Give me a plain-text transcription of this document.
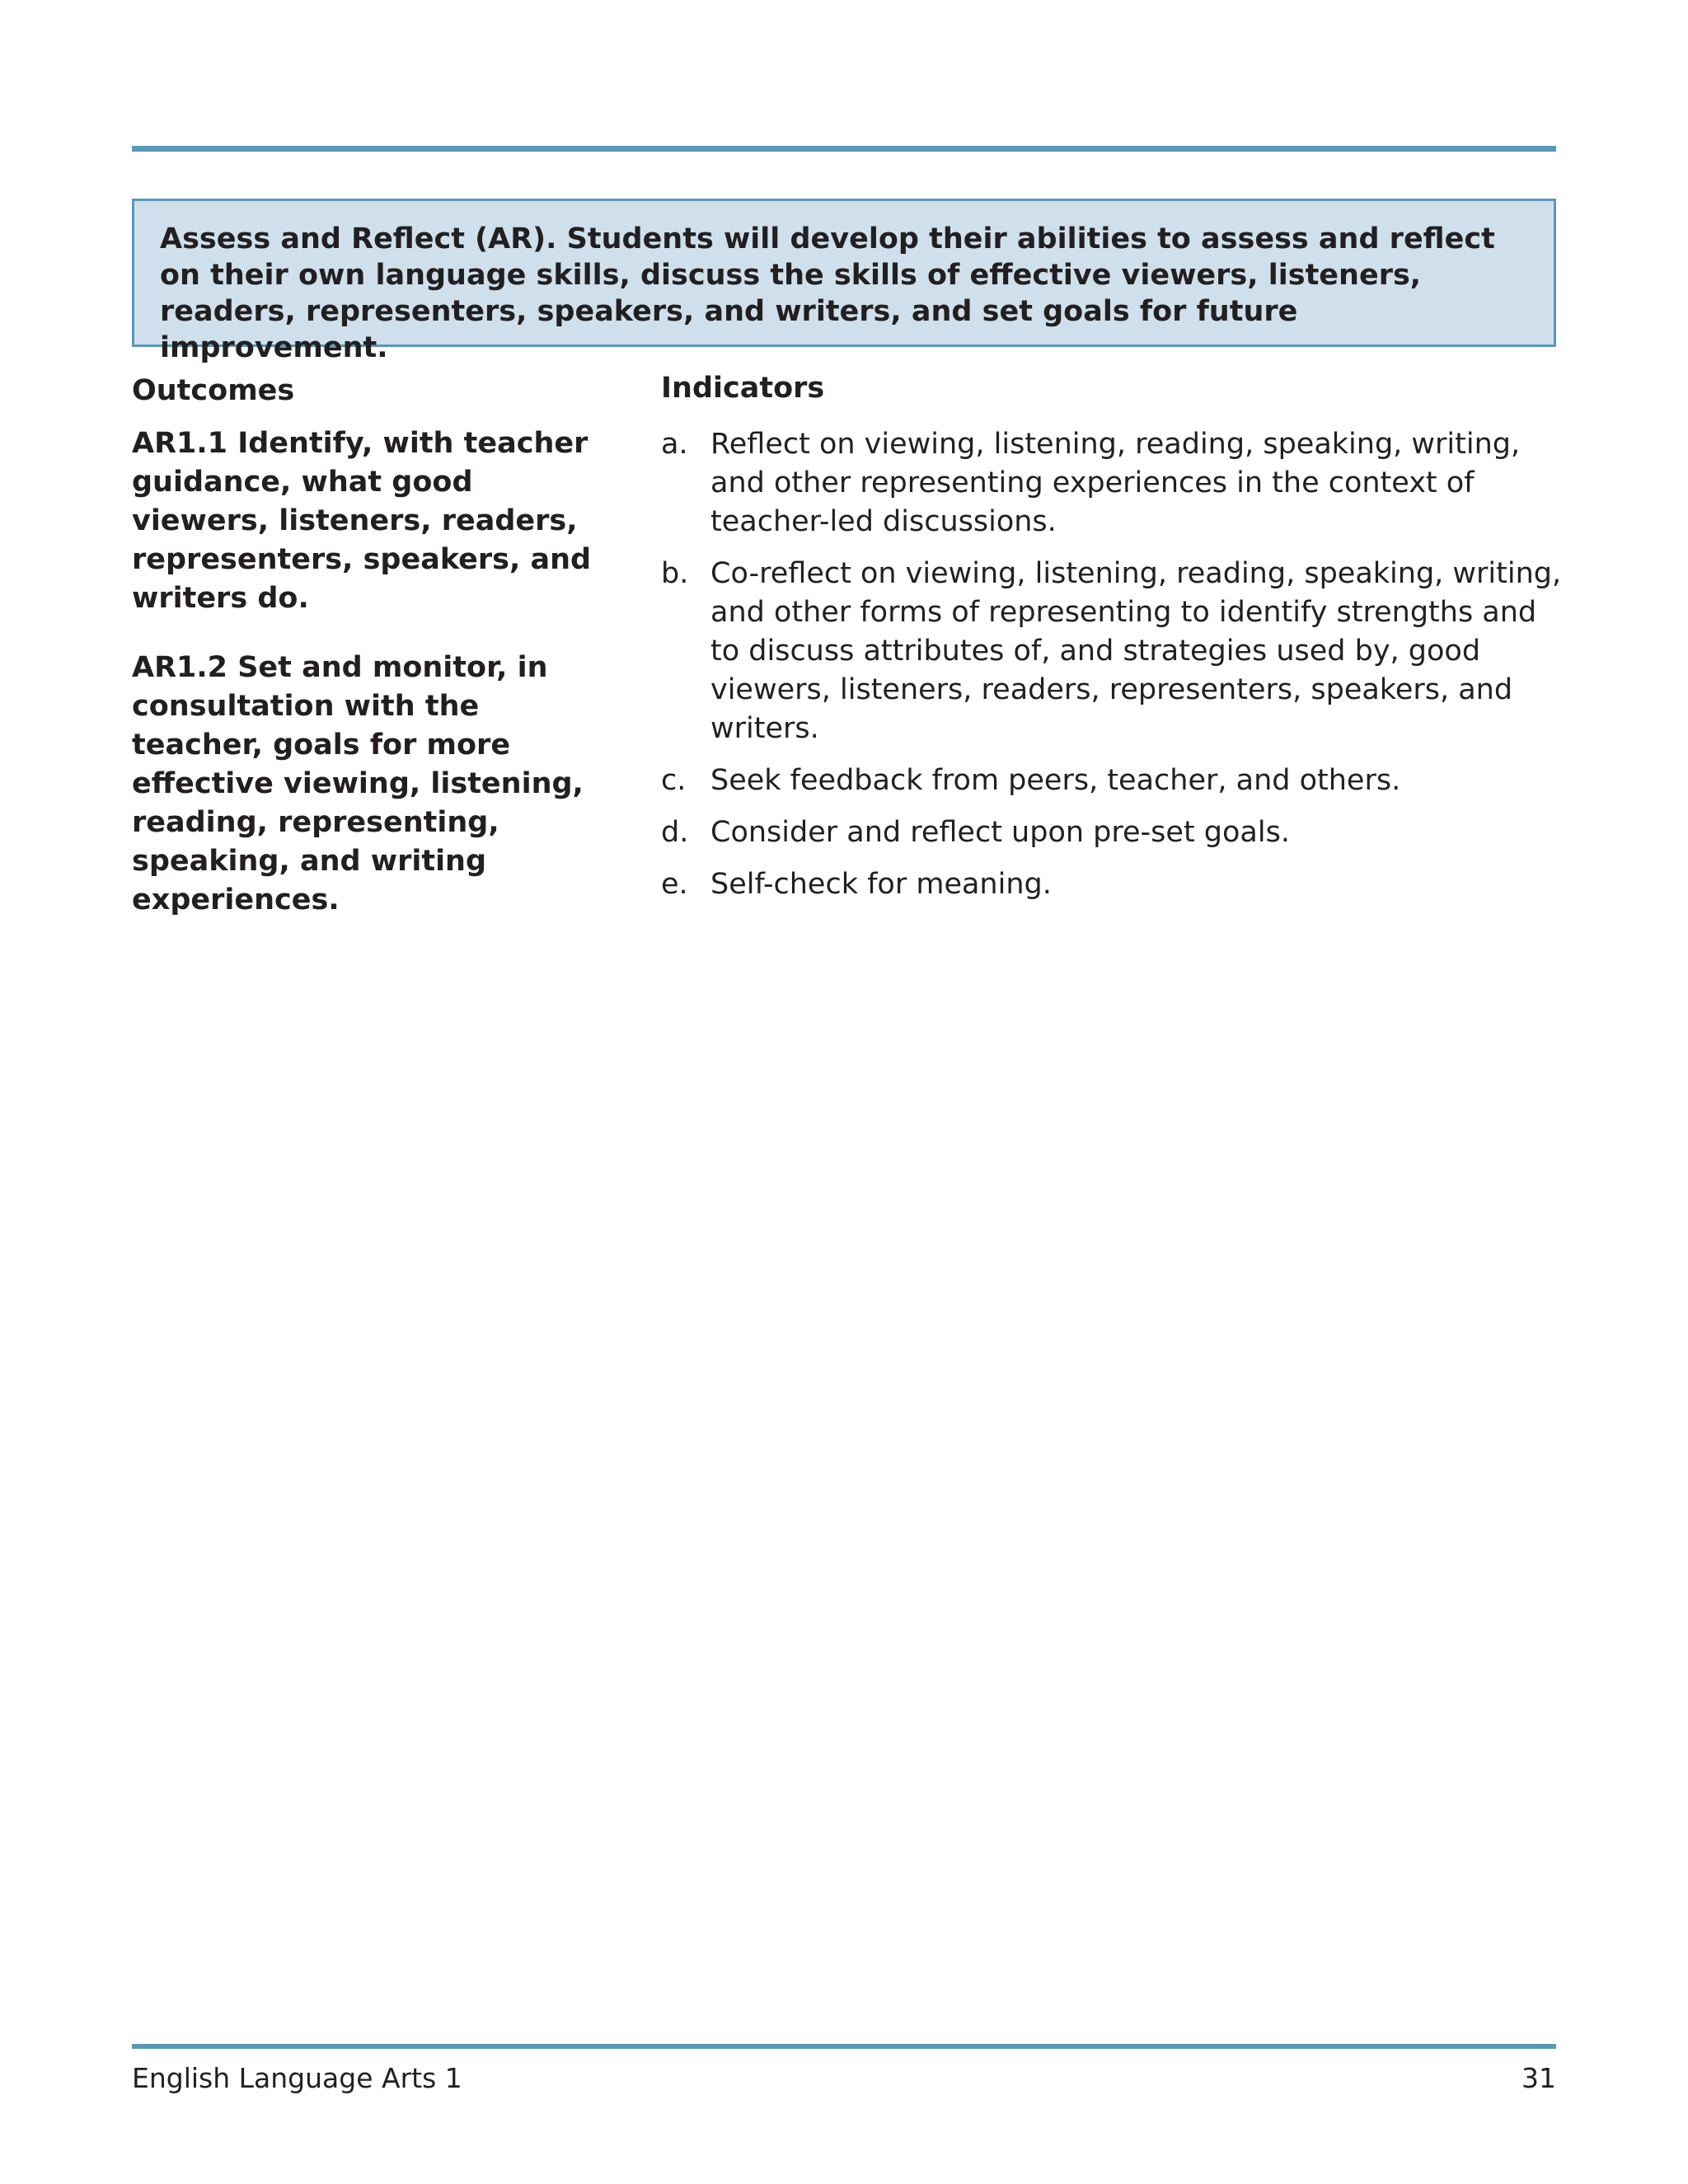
Assess and Reflect (AR). Students will develop their abilities to assess and reflect on their own language skills, discuss the skills of effective viewers, listeners, readers, representers, speakers, and writers, and set goals for future improvement.
Outcomes
AR1.1 Identify, with teacher guidance, what good viewers, listeners, readers, representers, speakers, and writers do.
AR1.2 Set and monitor, in consultation with the teacher, goals for more effective viewing, listening, reading, representing, speaking, and writing experiences.
Indicators
a. Reflect on viewing, listening, reading, speaking, writing, and other representing experiences in the context of teacher-led discussions.
b. Co-reflect on viewing, listening, reading, speaking, writing, and other forms of representing to identify strengths and to discuss attributes of, and strategies used by, good viewers, listeners, readers, representers, speakers, and writers.
c. Seek feedback from peers, teacher, and others.
d. Consider and reflect upon pre-set goals.
e. Self-check for meaning.
English Language Arts 1	31
